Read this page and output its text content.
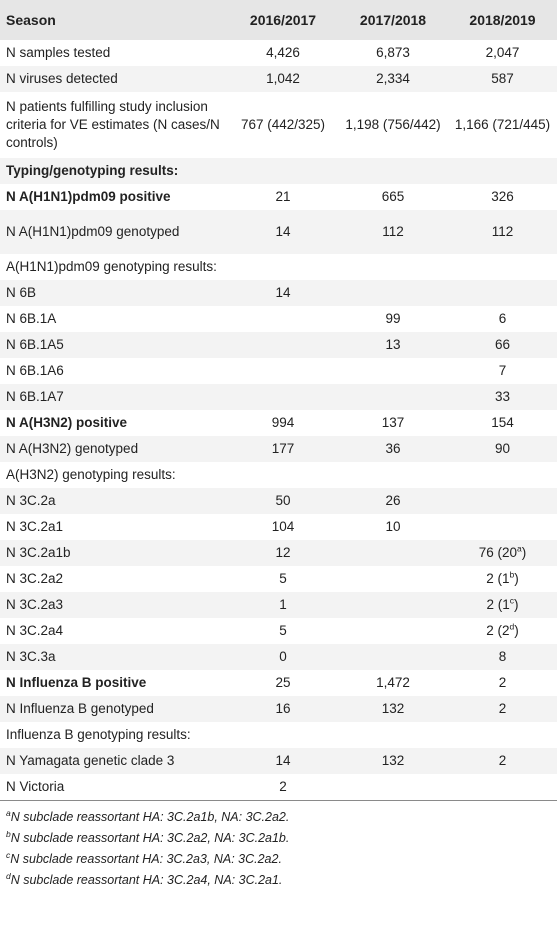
Season	2016/2017	2017/2018	2018/2019
N samples tested	4,426	6,873	2,047
N viruses detected	1,042	2,334	587
N patients fulfilling study inclusion criteria for VE estimates (N cases/N controls)	767 (442/325)	1,198 (756/442)	1,166 (721/445)
Typing/genotyping results:			
N A(H1N1)pdm09 positive	21	665	326
N A(H1N1)pdm09 genotyped	14	112	112
A(H1N1)pdm09 genotyping results:			
N 6B	14		
N 6B.1A		99	6
N 6B.1A5		13	66
N 6B.1A6			7
N 6B.1A7			33
N A(H3N2) positive	994	137	154
N A(H3N2) genotyped	177	36	90
A(H3N2) genotyping results:			
N 3C.2a	50	26	
N 3C.2a1	104	10	
N 3C.2a1b	12		76 (20$^a$)
N 3C.2a2	5		2 (1$^b$)
N 3C.2a3	1		2 (1$^c$)
N 3C.2a4	5		2 (2$^d$)
N 3C.3a	0		8
N Influenza B positive	25	1,472	2
N Influenza B genotyped	16	132	2
Influenza B genotyping results:			
N Yamagata genetic clade 3	14	132	2
N Victoria	2		
$^a$N subclade reassortant HA: 3C.2a1b, NA: 3C.2a2.
$^b$N subclade reassortant HA: 3C.2a2, NA: 3C.2a1b.
$^c$N subclade reassortant HA: 3C.2a3, NA: 3C.2a2.
$^d$N subclade reassortant HA: 3C.2a4, NA: 3C.2a1.
